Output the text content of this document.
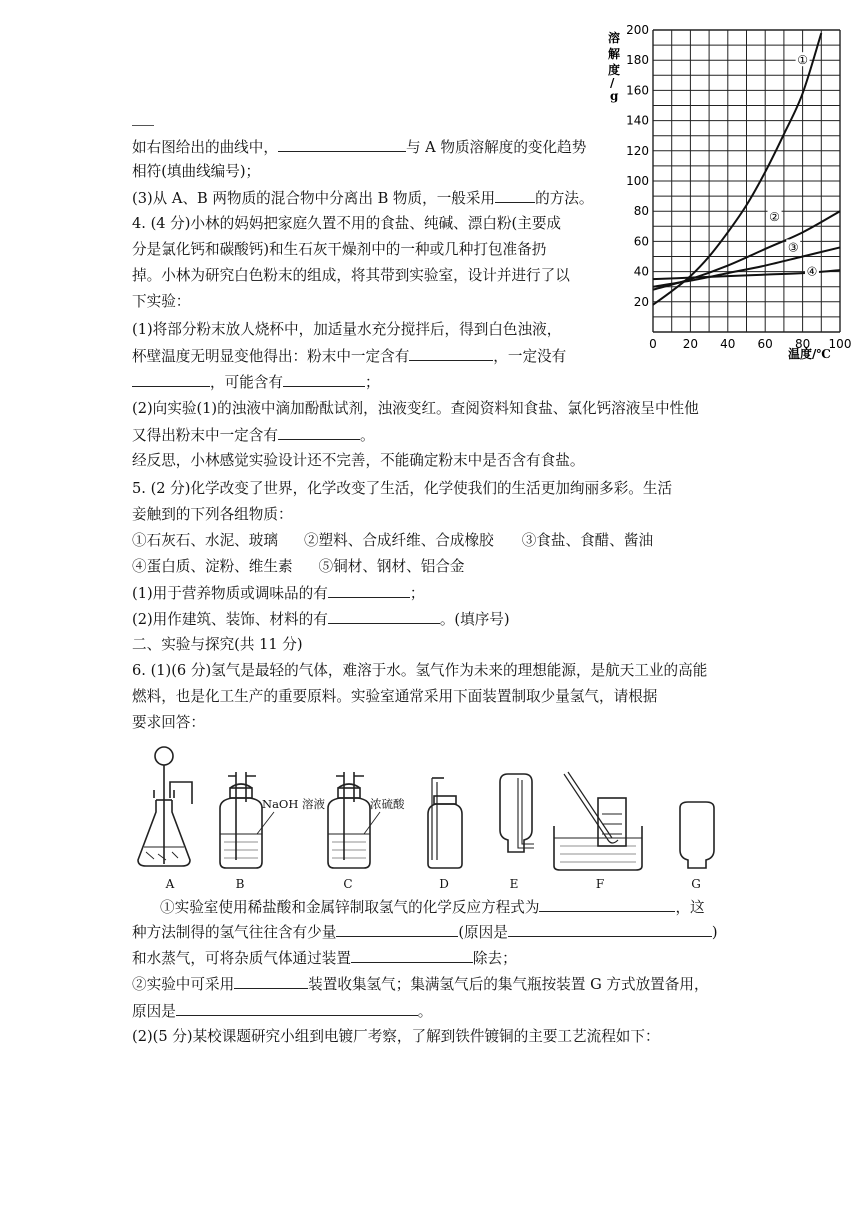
如右图给出的曲线中，	与 A 物质溶解度的变化趋势
相符(填曲线编号)；
(3)从 A、B 两物质的混合物中分离出 B 物质，一般采用	的方法。
4. (4 分)小林的妈妈把家庭久置不用的食盐、纯碱、漂白粉(主要成
分是氯化钙和碳酸钙)和生石灰干燥剂中的一种或几种打包准备扔
掉。小林为研究白色粉末的组成，将其带到实验室，设计并进行了以
下实验：
(1)将部分粉末放人烧杯中，加适量水充分搅拌后，得到白色浊液，
杯壁温度无明显变他得出：粉末中一定含有	，一定没有
，可能含有	；
(2)向实验(1)的浊液中滴加酚酞试剂，浊液变红。查阅资料知食盐、氯化钙溶液呈中性他
又得出粉末中一定含有	。
经反思，小林感觉实验设计还不完善，不能确定粉末中是否含有食盐。
5. (2 分)化学改变了世界，化学改变了生活，化学使我们的生活更加绚丽多彩。生活
妾触到的下列各组物质：
①石灰石、水泥、玻璃 ②塑料、合成纤维、合成橡胶 ③食盐、食醋、酱油
④蛋白质、淀粉、维生素 ⑤铜材、钢材、铝合金
(1)用于营养物质或调味品的有	；
(2)用作建筑、装饰、材料的有	。(填序号)
二、实验与探究(共 11 分)
6. (1)(6 分)氢气是最轻的气体，难溶于水。氢气作为未来的理想能源，是航天工业的高能
燃料，也是化工生产的重要原料。实验室通常采用下面装置制取少量氢气，请根据
要求回答：
①实验室使用稀盐酸和金属锌制取氢气的化学反应方程式为	，这
种方法制得的氢气往往含有少量	(原因是	)
和水蒸气，可将杂质气体通过装置	除去；
②实验中可采用	装置收集氢气；集满氢气后的集气瓶按装置 G 方式放置备用，
原因是	。
(2)(5 分)某校课题研究小组到电镀厂考察，了解到铁件镀铜的主要工艺流程如下：
20
40
60
80
100
120
140
160
180
200
0 20 40 60 80 100
①
②
③
④
溶
解
度
/
g
温度/℃
A	B	C	D	E	F	G
NaOH 溶液	浓硫酸
